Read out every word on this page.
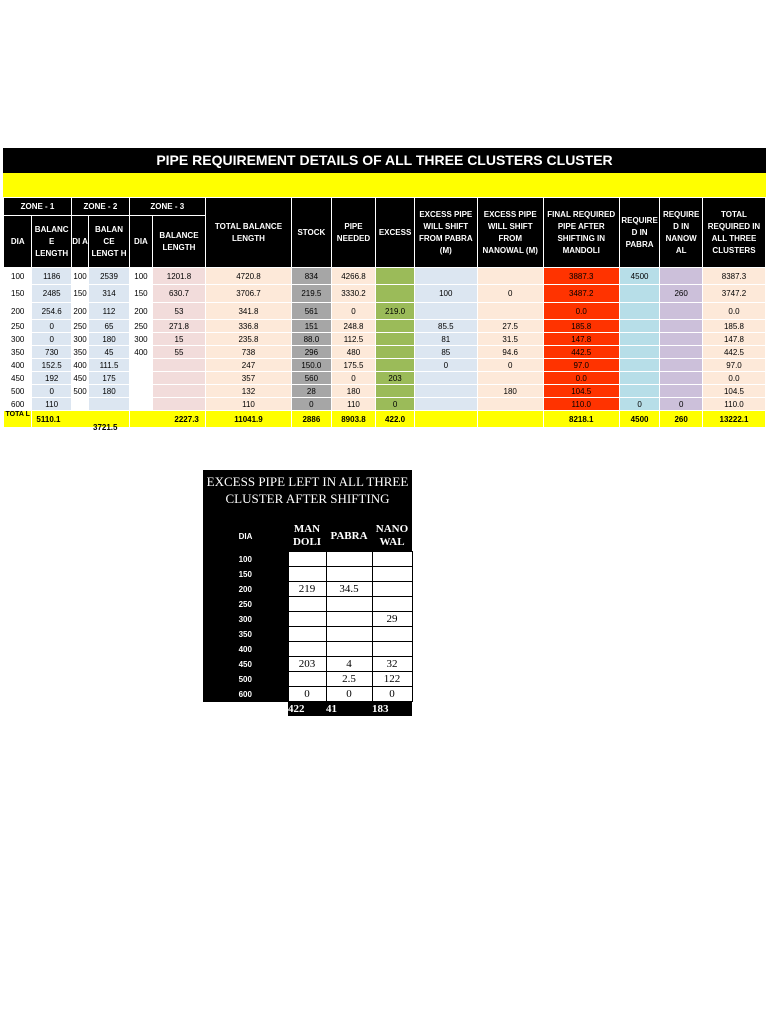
PIPE REQUIREMENT DETAILS OF ALL THREE CLUSTERS CLUSTER
ZONE - 1		ZONE - 2		ZONE - 3		TOTAL BALANCE LENGTH	STOCK	PIPE NEEDED	EXCESS	EXCESS PIPE WILL SHIFT FROM PABRA (M)	EXCESS PIPE WILL SHIFT FROM NANOWAL (M)	FINAL REQUIRED PIPE AFTER SHIFTING IN MANDOLI	REQUIRE D IN PABRA	REQUIRE D IN NANOW AL	TOTAL REQUIRED IN ALL THREE CLUSTERS
DIA	BALANC E LENGTH	DI A	BALAN CE LENGT H	DIA	BALANCE LENGTH										
100	1186	100	2539	100	1201.8	4720.8	834	4266.8				3887.3	4500		8387.3
150	2485	150	314	150	630.7	3706.7	219.5	3330.2		100	0	3487.2		260	3747.2
200	254.6	200	112	200	53	341.8	561	0	219.0			0.0			0.0
250	0	250	65	250	271.8	336.8	151	248.8		85.5	27.5	185.8			185.8
300	0	300	180	300	15	235.8	88.0	112.5		81	31.5	147.8			147.8
350	730	350	45	400	55	738	296	480		85	94.6	442.5			442.5
400	152.5	400	111.5			247	150.0	175.5		0	0	97.0			97.0
450	192	450	175			357	560	0	203			0.0			0.0
500	0	500	180			132	28	180			180	104.5			104.5
600	110					110	0	110	0			110.0	0	0	110.0
TOTA L	5110.1			2227.3		11041.9	2886	8903.8	422.0			8218.1	4500	260	13222.1
3721.5
EXCESS PIPE LEFT IN ALL THREE CLUSTER AFTER SHIFTING
DIA	MAN DOLI	PABRA	NANO WAL
100			
150			
200	219	34.5	
250			
300			29
350			
400			
450	203	4	32
500		2.5	122
600	0	0	0
	422	41	183
